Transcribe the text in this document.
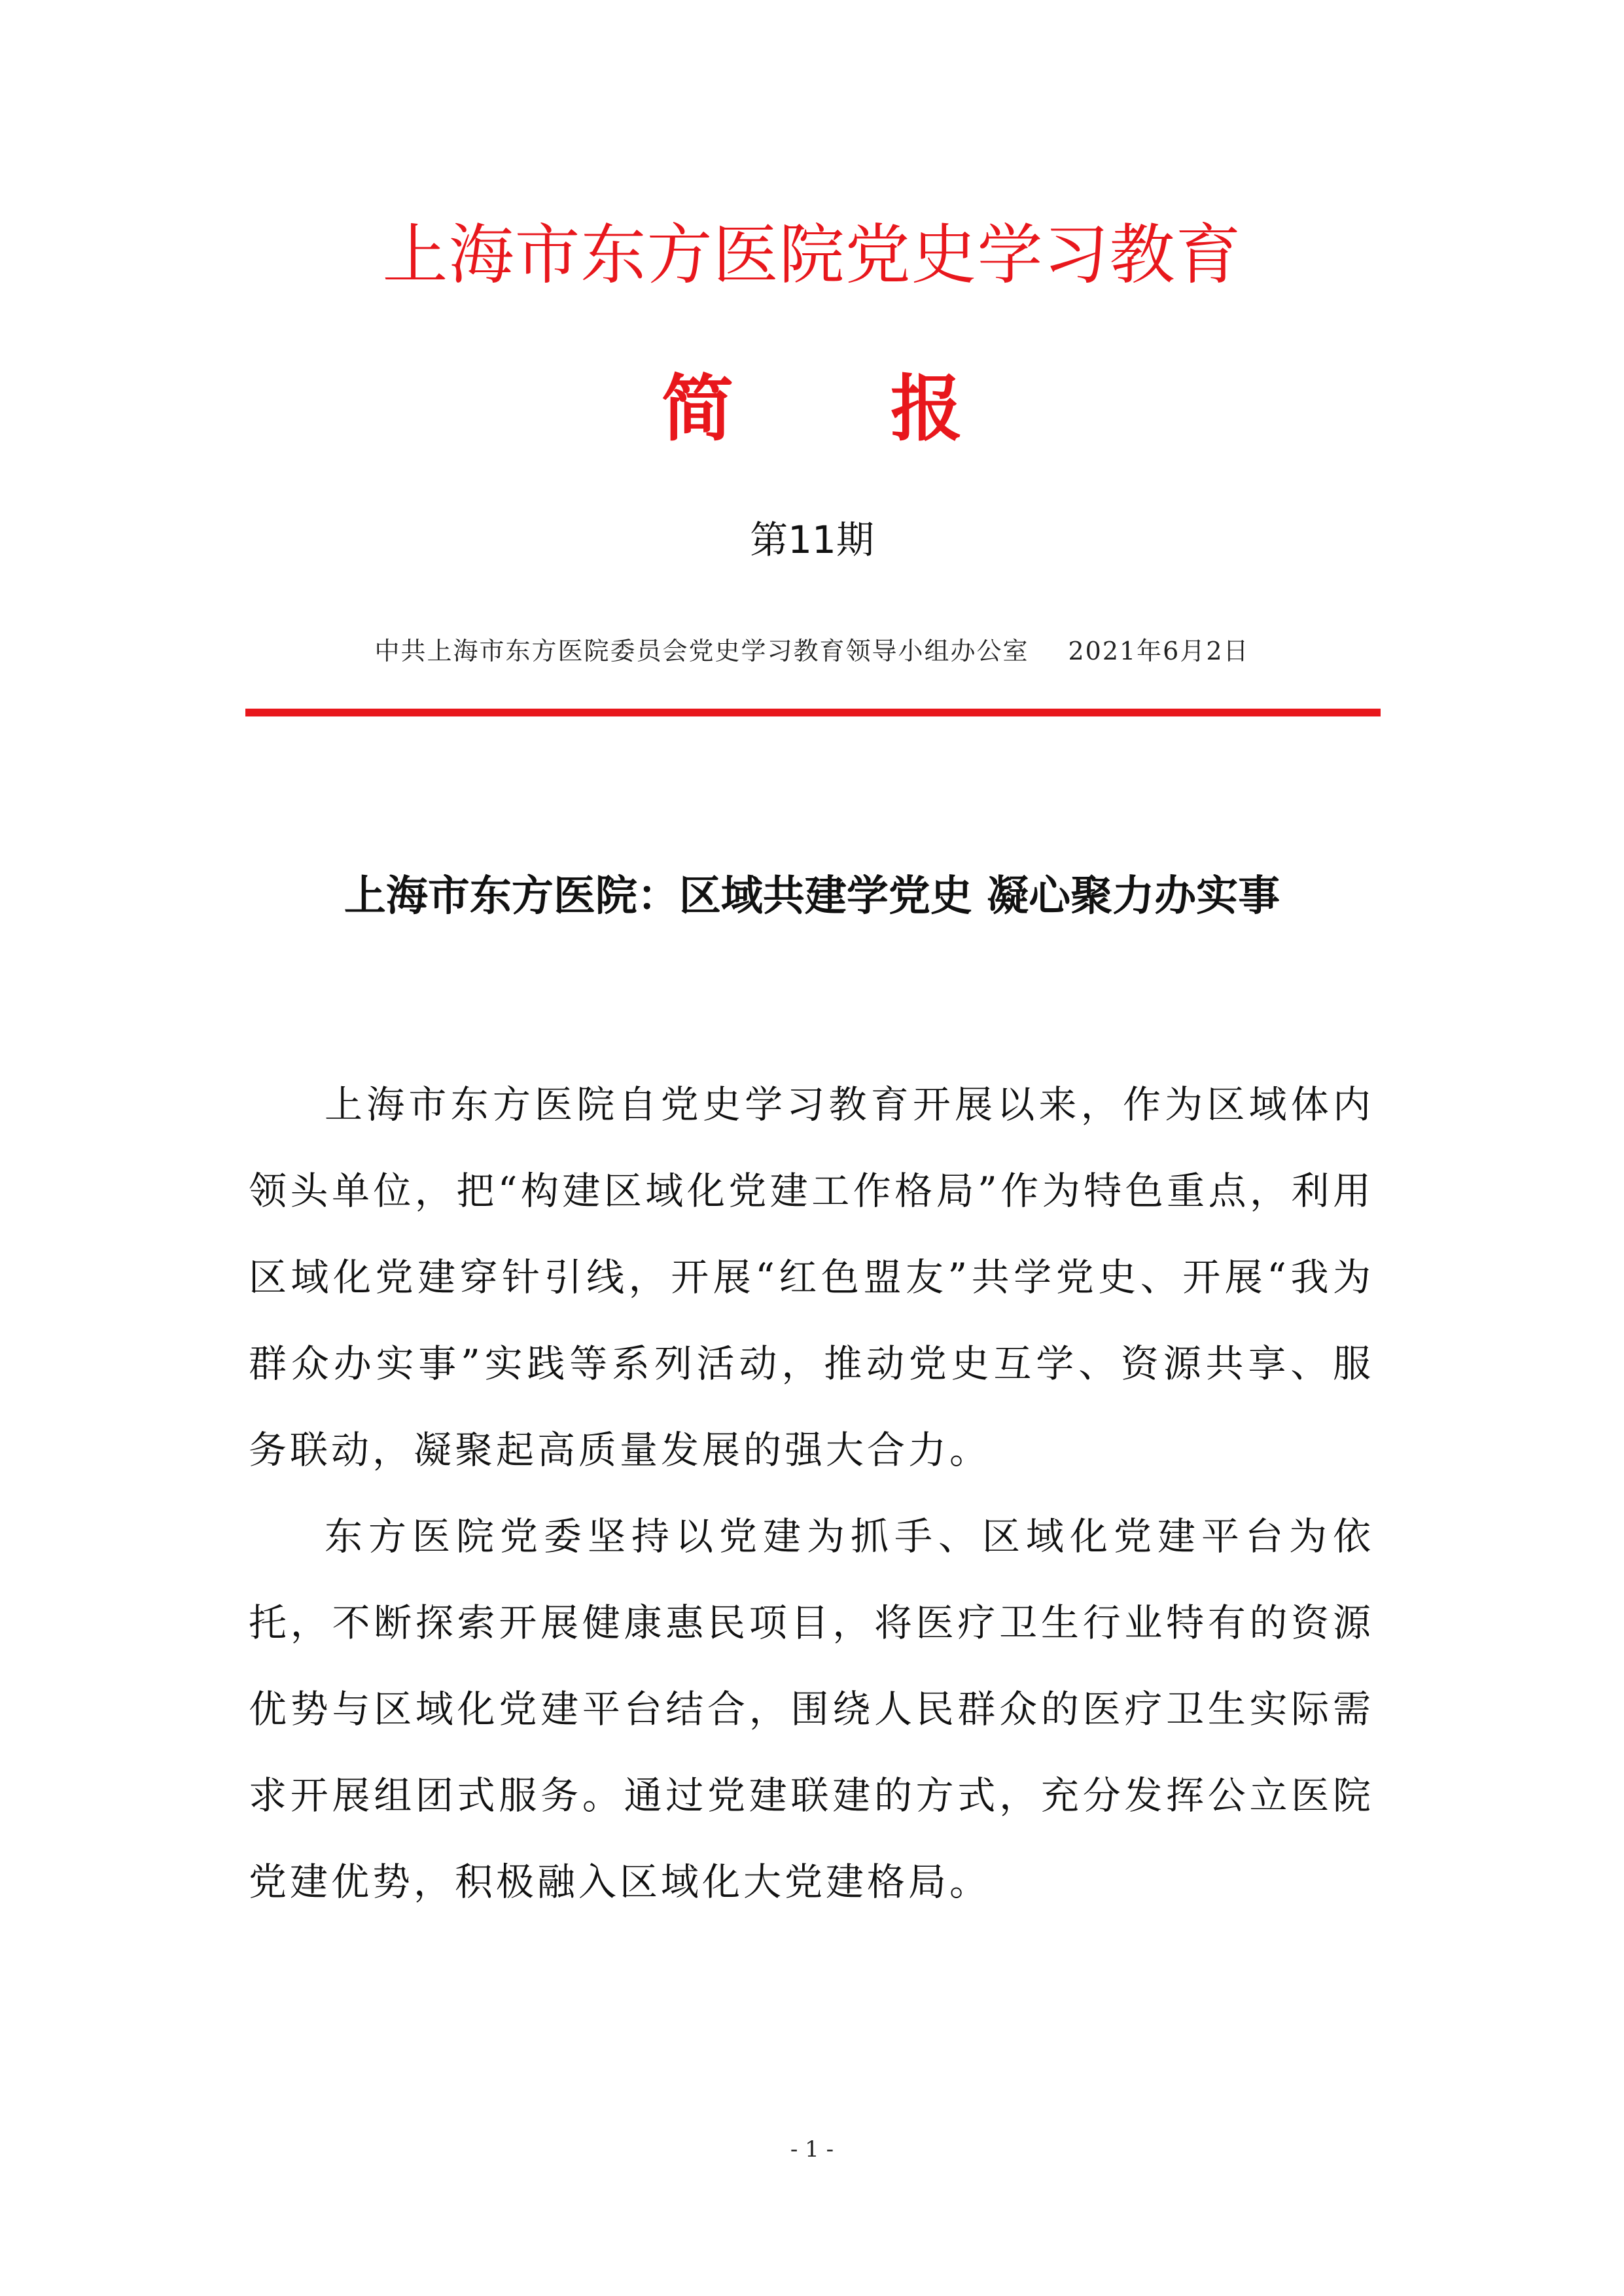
上海市东方医院党史学习教育
简 报
第11期
中共上海市东方医院委员会党史学习教育领导小组办公室 2021年6月2日
上海市东方医院：区域共建学党史 凝心聚力办实事

上海市东方医院自党史学习教育开展以来，作为区域体内领头单位，把“构建区域化党建工作格局”作为特色重点，利用区域化党建穿针引线，开展“红色盟友”共学党史、开展“我为群众办实事”实践等系列活动，推动党史互学、资源共享、服务联动，凝聚起高质量发展的强大合力。

东方医院党委坚持以党建为抓手、区域化党建平台为依托，不断探索开展健康惠民项目，将医疗卫生行业特有的资源优势与区域化党建平台结合，围绕人民群众的医疗卫生实际需求开展组团式服务。通过党建联建的方式，充分发挥公立医院党建优势，积极融入区域化大党建格局。

- 1 -
